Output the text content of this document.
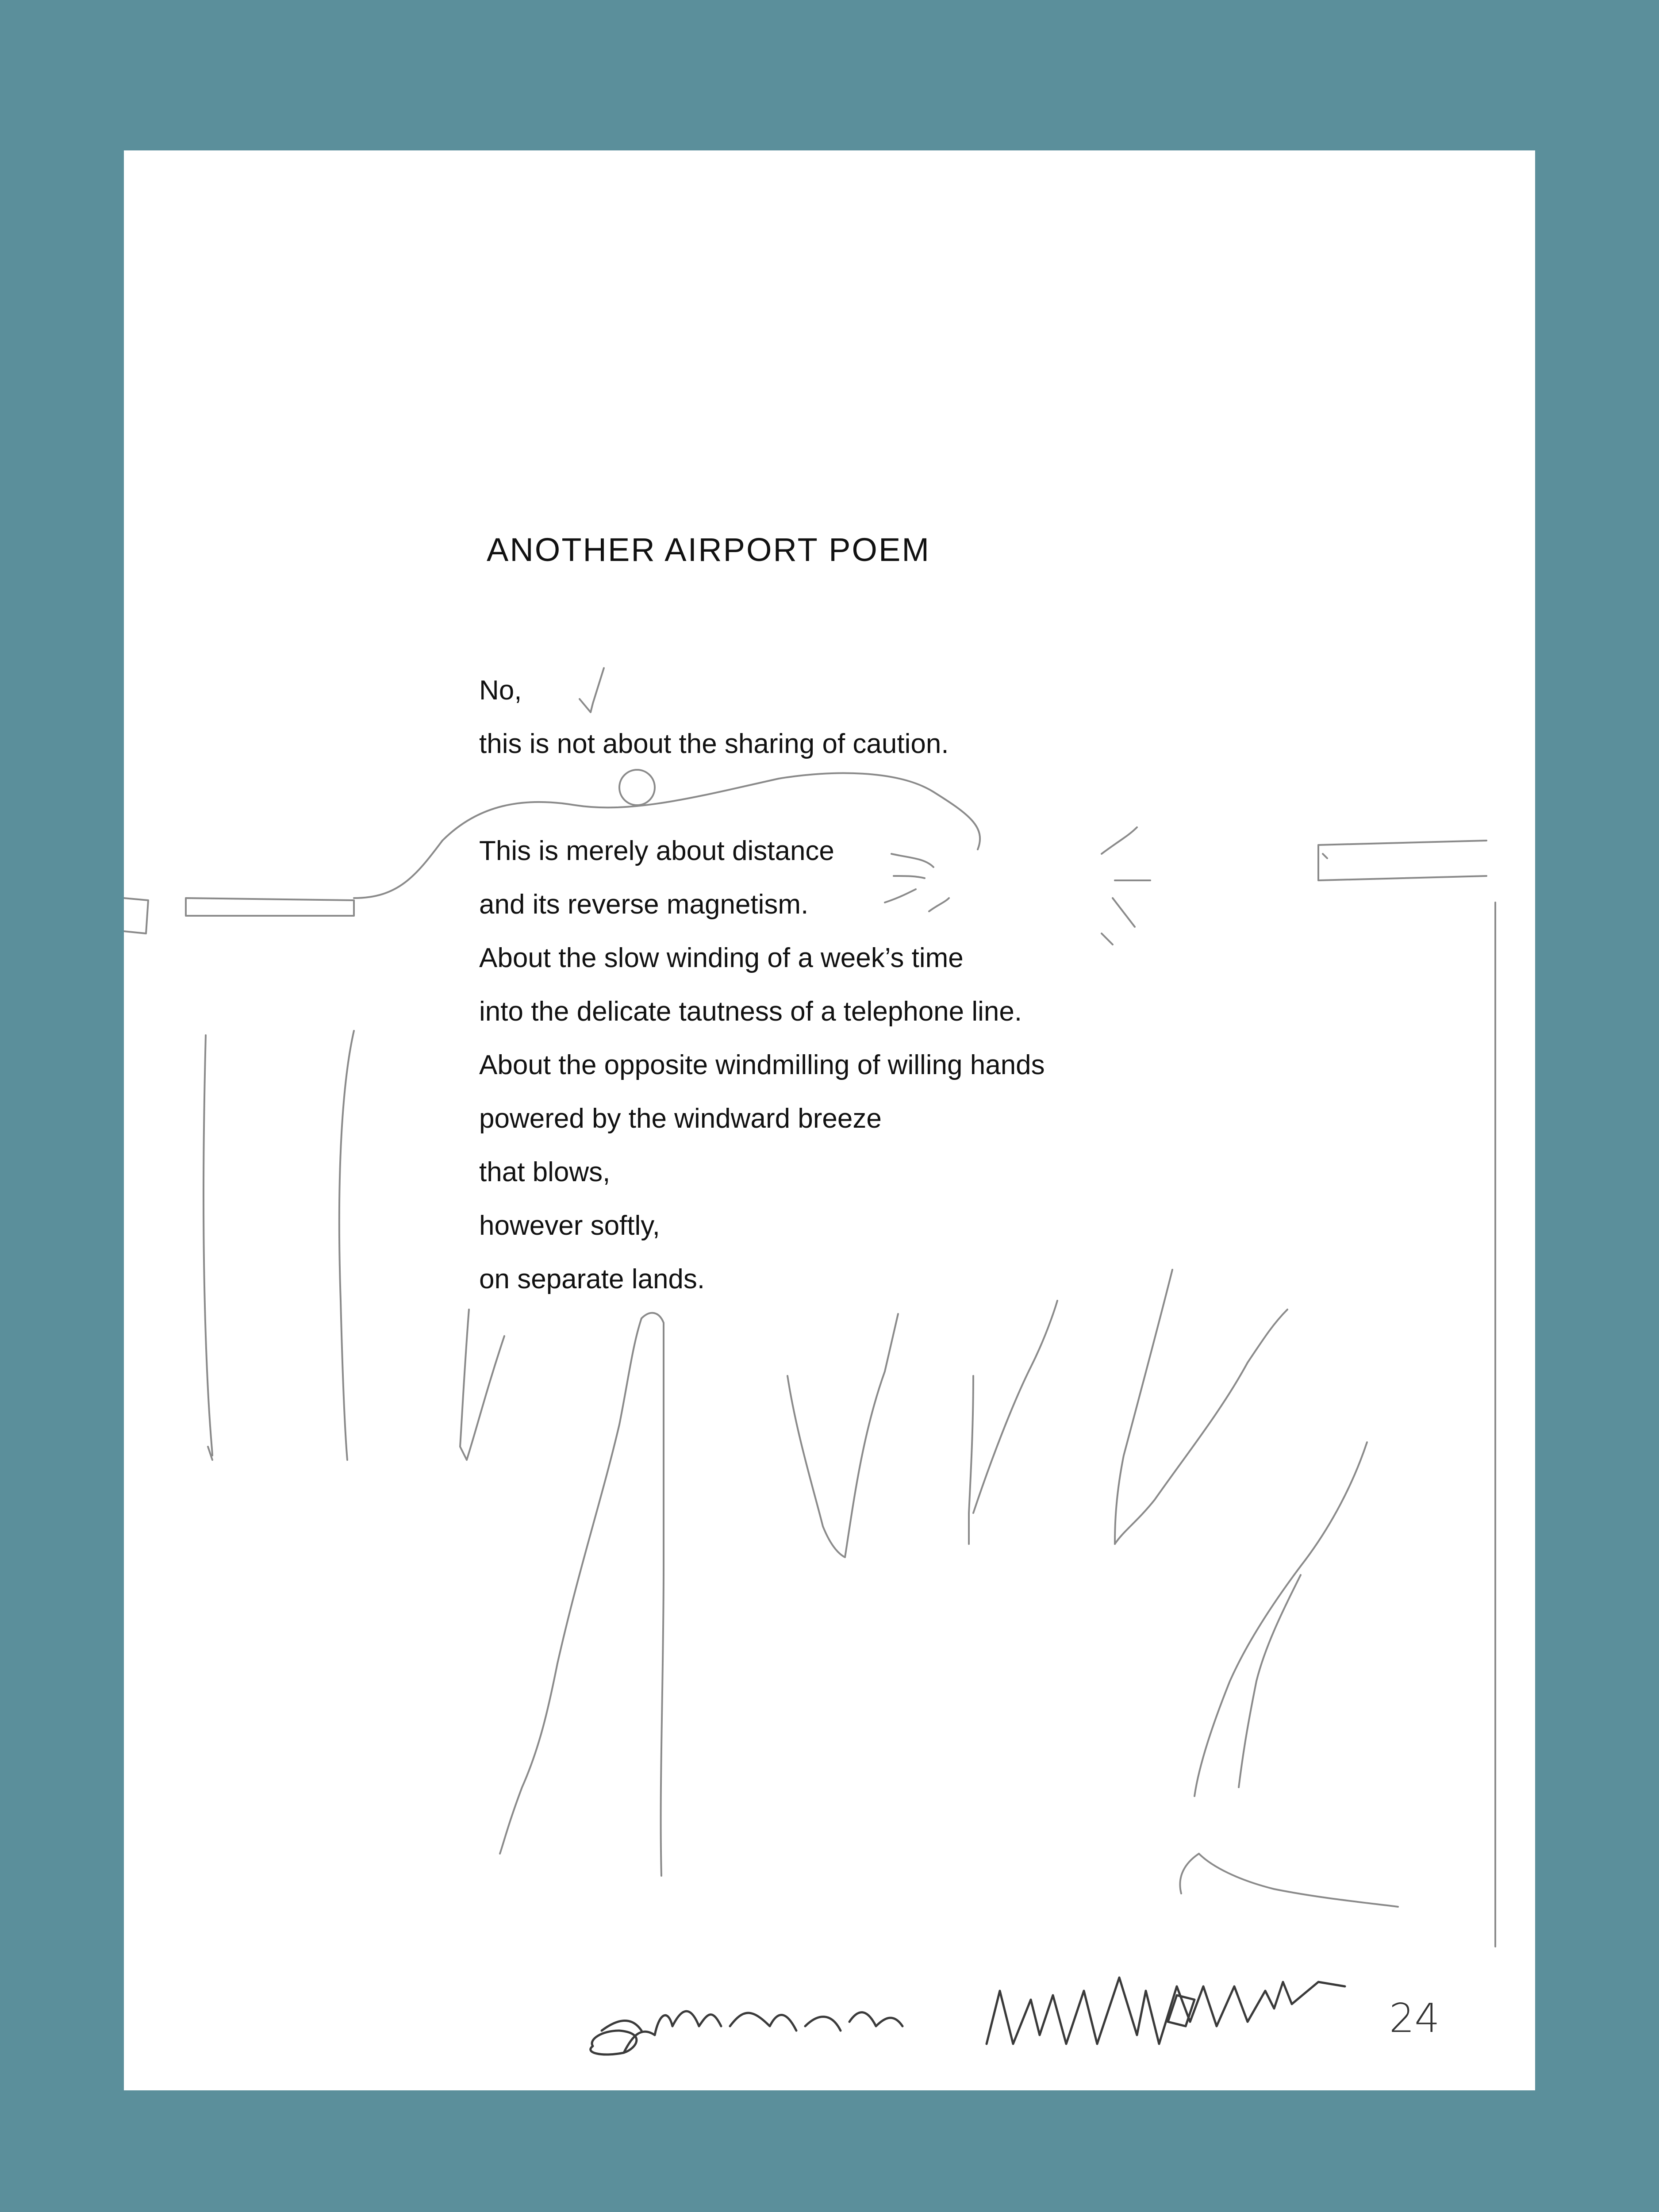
ANOTHER AIRPORT POEM
No,
this is not about the sharing of caution.
This is merely about distance
and its reverse magnetism.
About the slow winding of a week’s time
into the delicate tautness of a telephone line.
About the opposite windmilling of willing hands
powered by the windward breeze
that blows,
however softly,
on separate lands.
24
